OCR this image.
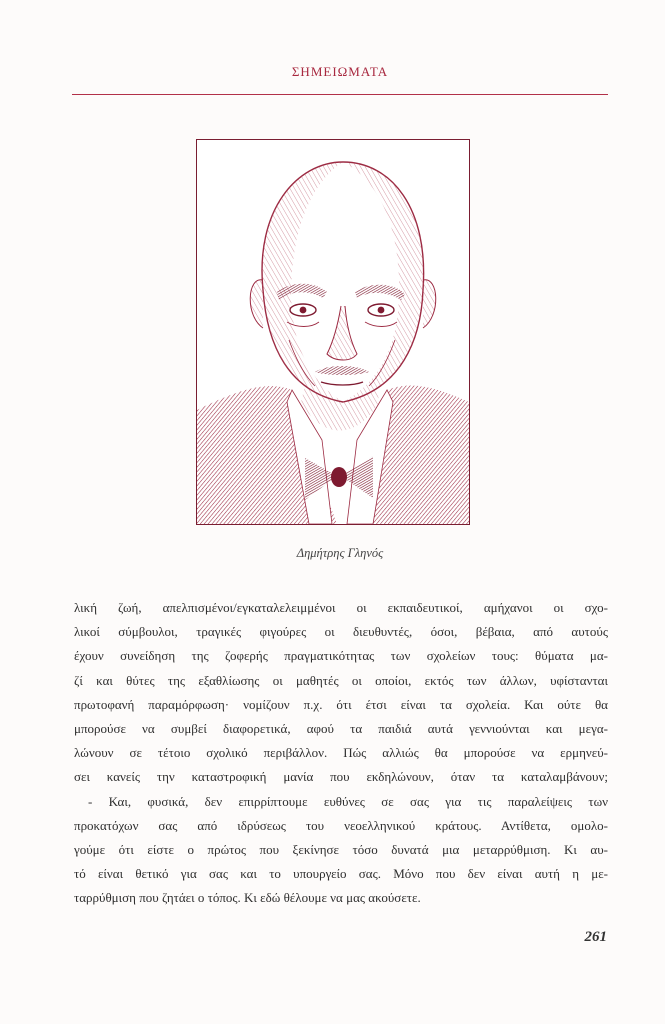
ΣΗΜΕΙΩΜΑΤΑ
Δημήτρης Γληνός
λική ζωή, απελπισμένοι/εγκαταλελειμμένοι οι εκπαιδευτικοί, αμήχανοι οι σχο-
λικοί σύμβουλοι, τραγικές φιγούρες οι διευθυντές, όσοι, βέβαια, από αυτούς
έχουν συνείδηση της ζοφερής πραγματικότητας των σχολείων τους: θύματα μα-
ζί και θύτες της εξαθλίωσης οι μαθητές οι οποίοι, εκτός των άλλων, υφίστανται
πρωτοφανή παραμόρφωση· νομίζουν π.χ. ότι έτσι είναι τα σχολεία. Και ούτε θα
μπορούσε να συμβεί διαφορετικά, αφού τα παιδιά αυτά γεννιούνται και μεγα-
λώνουν σε τέτοιο σχολικό περιβάλλον. Πώς αλλιώς θα μπορούσε να ερμηνεύ-
σει κανείς την καταστροφική μανία που εκδηλώνουν, όταν τα καταλαμβάνουν;
- Και, φυσικά, δεν επιρρίπτουμε ευθύνες σε σας για τις παραλείψεις των
προκατόχων σας από ιδρύσεως του νεοελληνικού κράτους. Αντίθετα, ομολο-
γούμε ότι είστε ο πρώτος που ξεκίνησε τόσο δυνατά μια μεταρρύθμιση. Κι αυ-
τό είναι θετικό για σας και το υπουργείο σας. Μόνο που δεν είναι αυτή η με-
ταρρύθμιση που ζητάει ο τόπος. Κι εδώ θέλουμε να μας ακούσετε.
261
